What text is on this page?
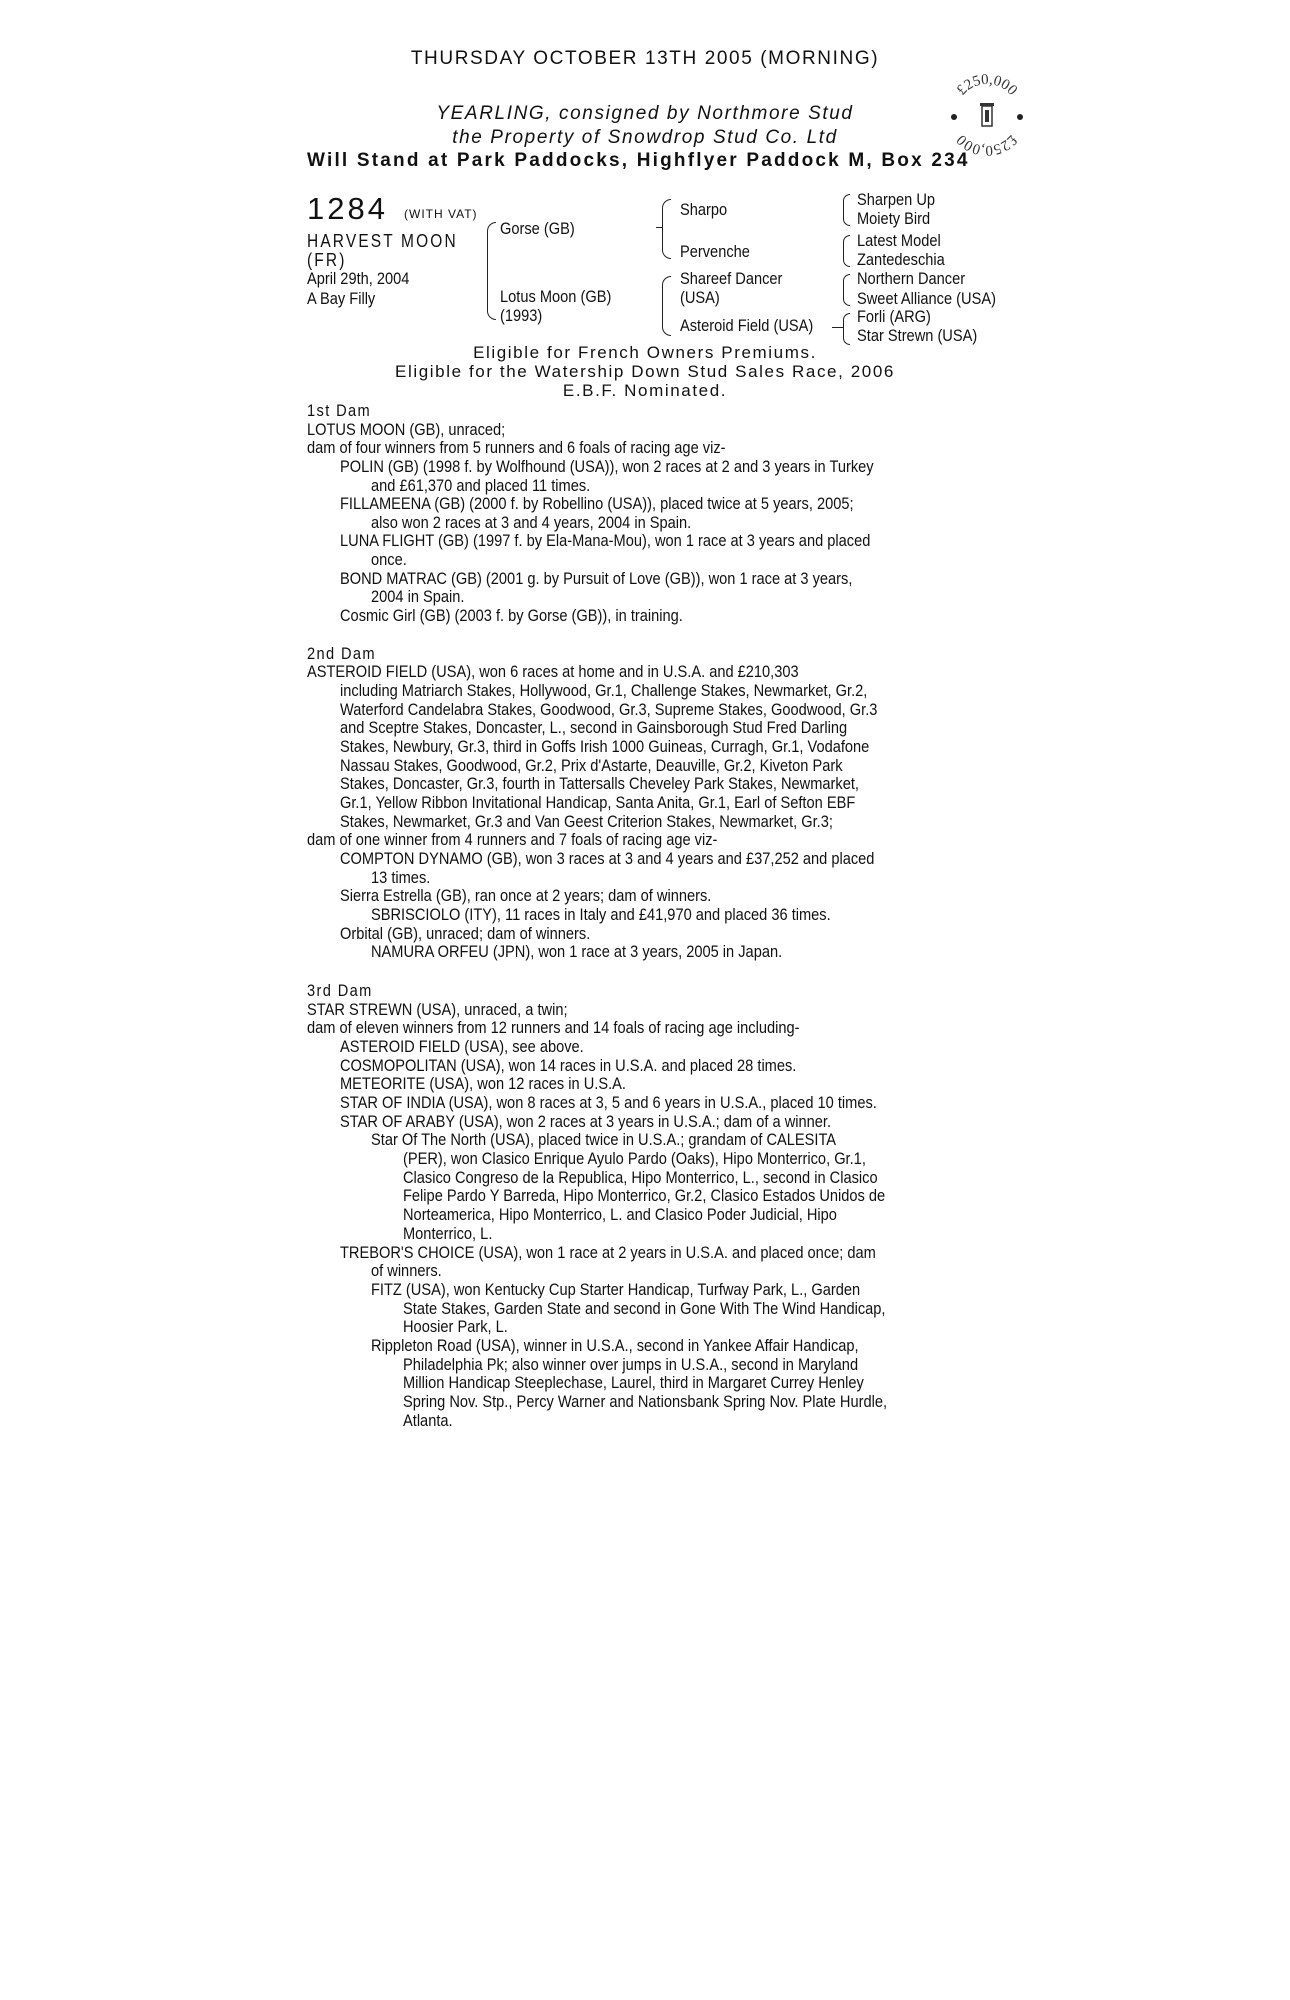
THURSDAY OCTOBER 13TH 2005 (MORNING)
YEARLING, consigned by Northmore Stud
the Property of Snowdrop Stud Co. Ltd
Will Stand at Park Paddocks, Highflyer Paddock M, Box 234
£250,000
£250,000
1284 (WITH VAT)
HARVEST MOON
(FR)
April 29th, 2004
A Bay Filly
Gorse (GB)
Lotus Moon (GB)
(1993)
Sharpo
Pervenche
Shareef Dancer
(USA)
Asteroid Field (USA)
Sharpen Up
Moiety Bird
Latest Model
Zantedeschia
Northern Dancer
Sweet Alliance (USA)
Forli (ARG)
Star Strewn (USA)
Eligible for French Owners Premiums.
Eligible for the Watership Down Stud Sales Race, 2006
E.B.F. Nominated.
1st Dam
LOTUS MOON (GB), unraced;
dam of four winners from 5 runners and 6 foals of racing age viz-
POLIN (GB) (1998 f. by Wolfhound (USA)), won 2 races at 2 and 3 years in Turkey
and £61,370 and placed 11 times.
FILLAMEENA (GB) (2000 f. by Robellino (USA)), placed twice at 5 years, 2005;
also won 2 races at 3 and 4 years, 2004 in Spain.
LUNA FLIGHT (GB) (1997 f. by Ela-Mana-Mou), won 1 race at 3 years and placed
once.
BOND MATRAC (GB) (2001 g. by Pursuit of Love (GB)), won 1 race at 3 years,
2004 in Spain.
Cosmic Girl (GB) (2003 f. by Gorse (GB)), in training.
2nd Dam
ASTEROID FIELD (USA), won 6 races at home and in U.S.A. and £210,303
including Matriarch Stakes, Hollywood, Gr.1, Challenge Stakes, Newmarket, Gr.2,
Waterford Candelabra Stakes, Goodwood, Gr.3, Supreme Stakes, Goodwood, Gr.3
and Sceptre Stakes, Doncaster, L., second in Gainsborough Stud Fred Darling
Stakes, Newbury, Gr.3, third in Goffs Irish 1000 Guineas, Curragh, Gr.1, Vodafone
Nassau Stakes, Goodwood, Gr.2, Prix d'Astarte, Deauville, Gr.2, Kiveton Park
Stakes, Doncaster, Gr.3, fourth in Tattersalls Cheveley Park Stakes, Newmarket,
Gr.1, Yellow Ribbon Invitational Handicap, Santa Anita, Gr.1, Earl of Sefton EBF
Stakes, Newmarket, Gr.3 and Van Geest Criterion Stakes, Newmarket, Gr.3;
dam of one winner from 4 runners and 7 foals of racing age viz-
COMPTON DYNAMO (GB), won 3 races at 3 and 4 years and £37,252 and placed
13 times.
Sierra Estrella (GB), ran once at 2 years; dam of winners.
SBRISCIOLO (ITY), 11 races in Italy and £41,970 and placed 36 times.
Orbital (GB), unraced; dam of winners.
NAMURA ORFEU (JPN), won 1 race at 3 years, 2005 in Japan.
3rd Dam
STAR STREWN (USA), unraced, a twin;
dam of eleven winners from 12 runners and 14 foals of racing age including-
ASTEROID FIELD (USA), see above.
COSMOPOLITAN (USA), won 14 races in U.S.A. and placed 28 times.
METEORITE (USA), won 12 races in U.S.A.
STAR OF INDIA (USA), won 8 races at 3, 5 and 6 years in U.S.A., placed 10 times.
STAR OF ARABY (USA), won 2 races at 3 years in U.S.A.; dam of a winner.
Star Of The North (USA), placed twice in U.S.A.; grandam of CALESITA
(PER), won Clasico Enrique Ayulo Pardo (Oaks), Hipo Monterrico, Gr.1,
Clasico Congreso de la Republica, Hipo Monterrico, L., second in Clasico
Felipe Pardo Y Barreda, Hipo Monterrico, Gr.2, Clasico Estados Unidos de
Norteamerica, Hipo Monterrico, L. and Clasico Poder Judicial, Hipo
Monterrico, L.
TREBOR'S CHOICE (USA), won 1 race at 2 years in U.S.A. and placed once; dam
of winners.
FITZ (USA), won Kentucky Cup Starter Handicap, Turfway Park, L., Garden
State Stakes, Garden State and second in Gone With The Wind Handicap,
Hoosier Park, L.
Rippleton Road (USA), winner in U.S.A., second in Yankee Affair Handicap,
Philadelphia Pk; also winner over jumps in U.S.A., second in Maryland
Million Handicap Steeplechase, Laurel, third in Margaret Currey Henley
Spring Nov. Stp., Percy Warner and Nationsbank Spring Nov. Plate Hurdle,
Atlanta.
